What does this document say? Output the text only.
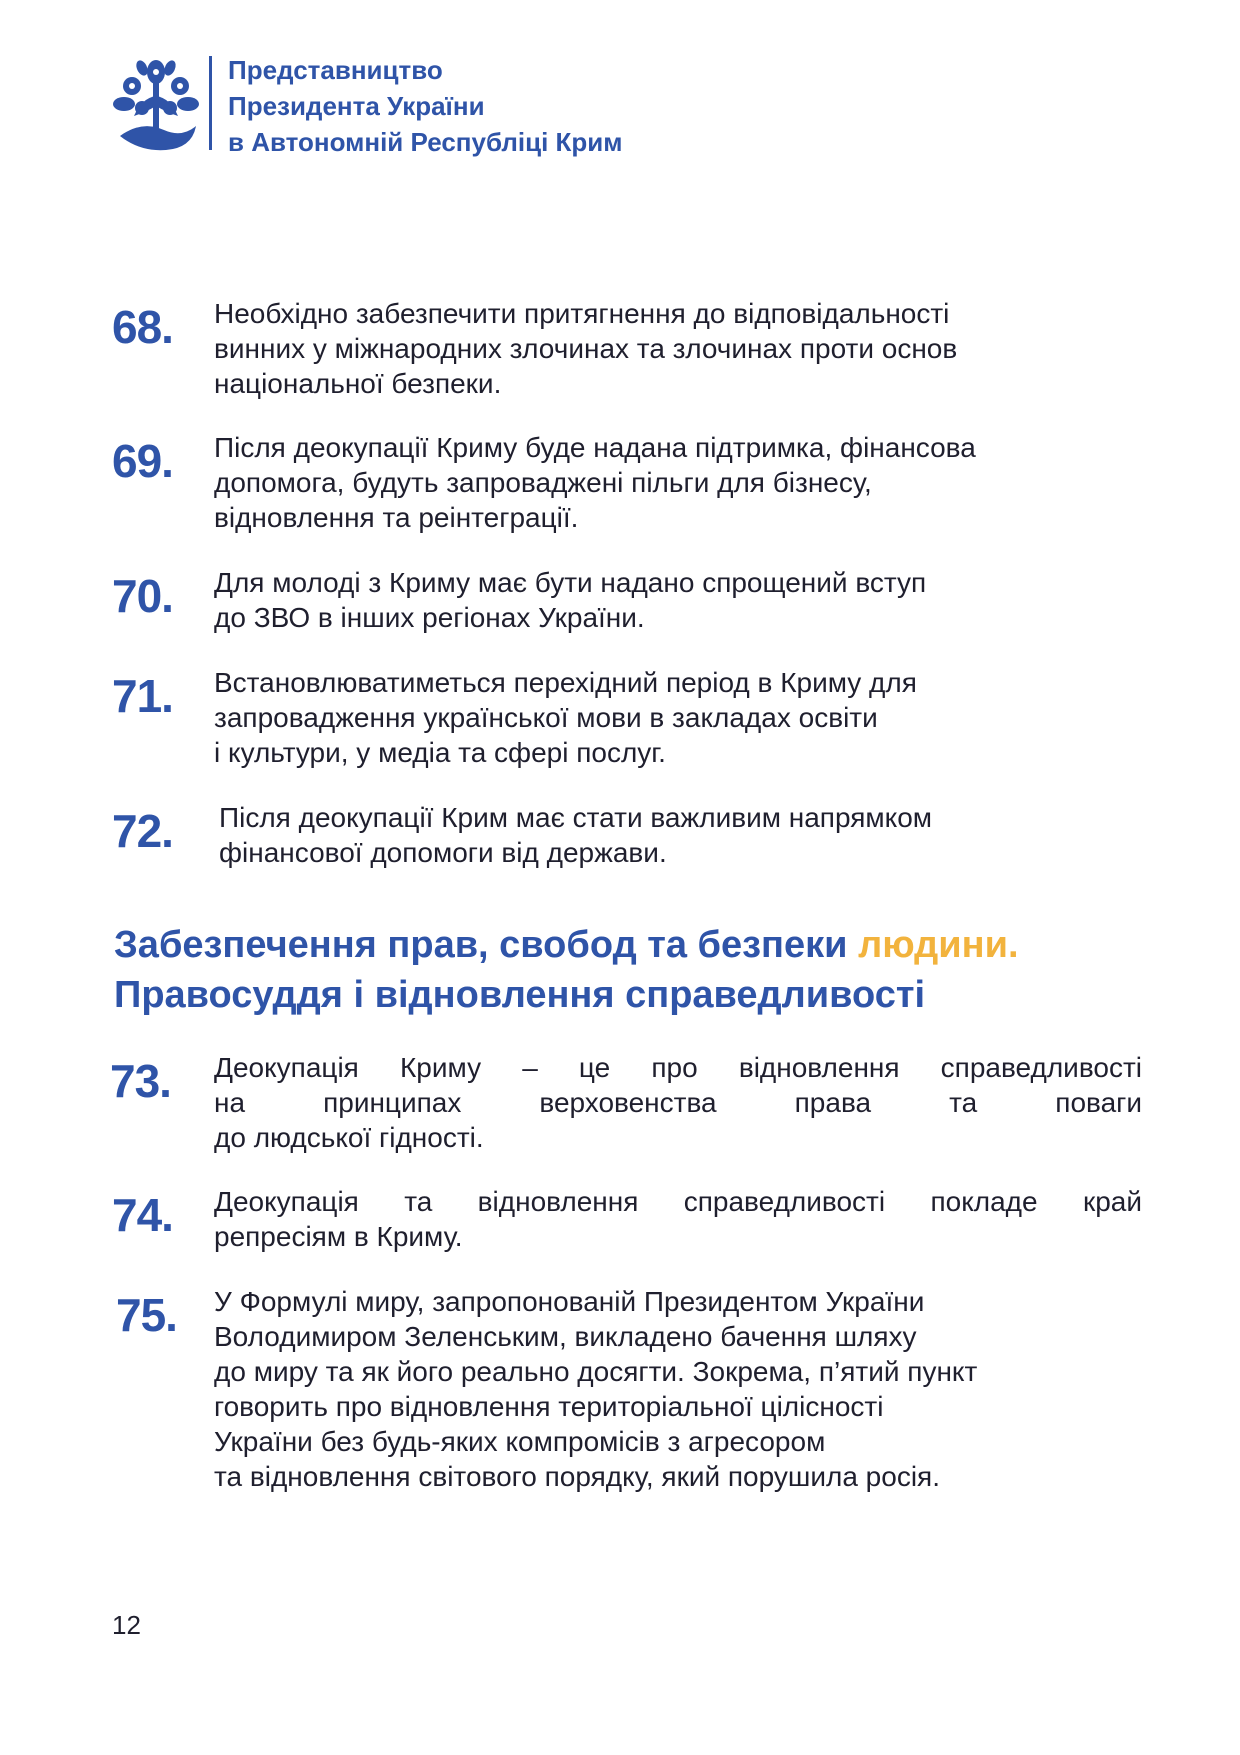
Представництво
Президента України
в Автономній Республіці Крим
68. Необхідно забезпечити притягнення до відповідальності
винних у міжнародних злочинах та злочинах проти основ
національної безпеки.
69. Після деокупації Криму буде надана підтримка, фінансова
допомога, будуть запроваджені пільги для бізнесу,
відновлення та реінтеграції.
70. Для молоді з Криму має бути надано спрощений вступ
до ЗВО в інших регіонах України.
71. Встановлюватиметься перехідний період в Криму для
запровадження української мови в закладах освіти
і культури, у медіа та сфері послуг.
72. Після деокупації Крим має стати важливим напрямком
фінансової допомоги від держави.
Забезпечення прав, свобод та безпеки людини.
Правосуддя і відновлення справедливості
73. Деокупація Криму – це про відновлення справедливості
на принципах верховенства права та поваги
до людської гідності.
74. Деокупація та відновлення справедливості покладе край
репресіям в Криму.
75. У Формулі миру, запропонованій Президентом України
Володимиром Зеленським, викладено бачення шляху
до миру та як його реально досягти. Зокрема, п’ятий пункт
говорить про відновлення територіальної цілісності
України без будь-яких компромісів з агресором
та відновлення світового порядку, який порушила росія.
12
